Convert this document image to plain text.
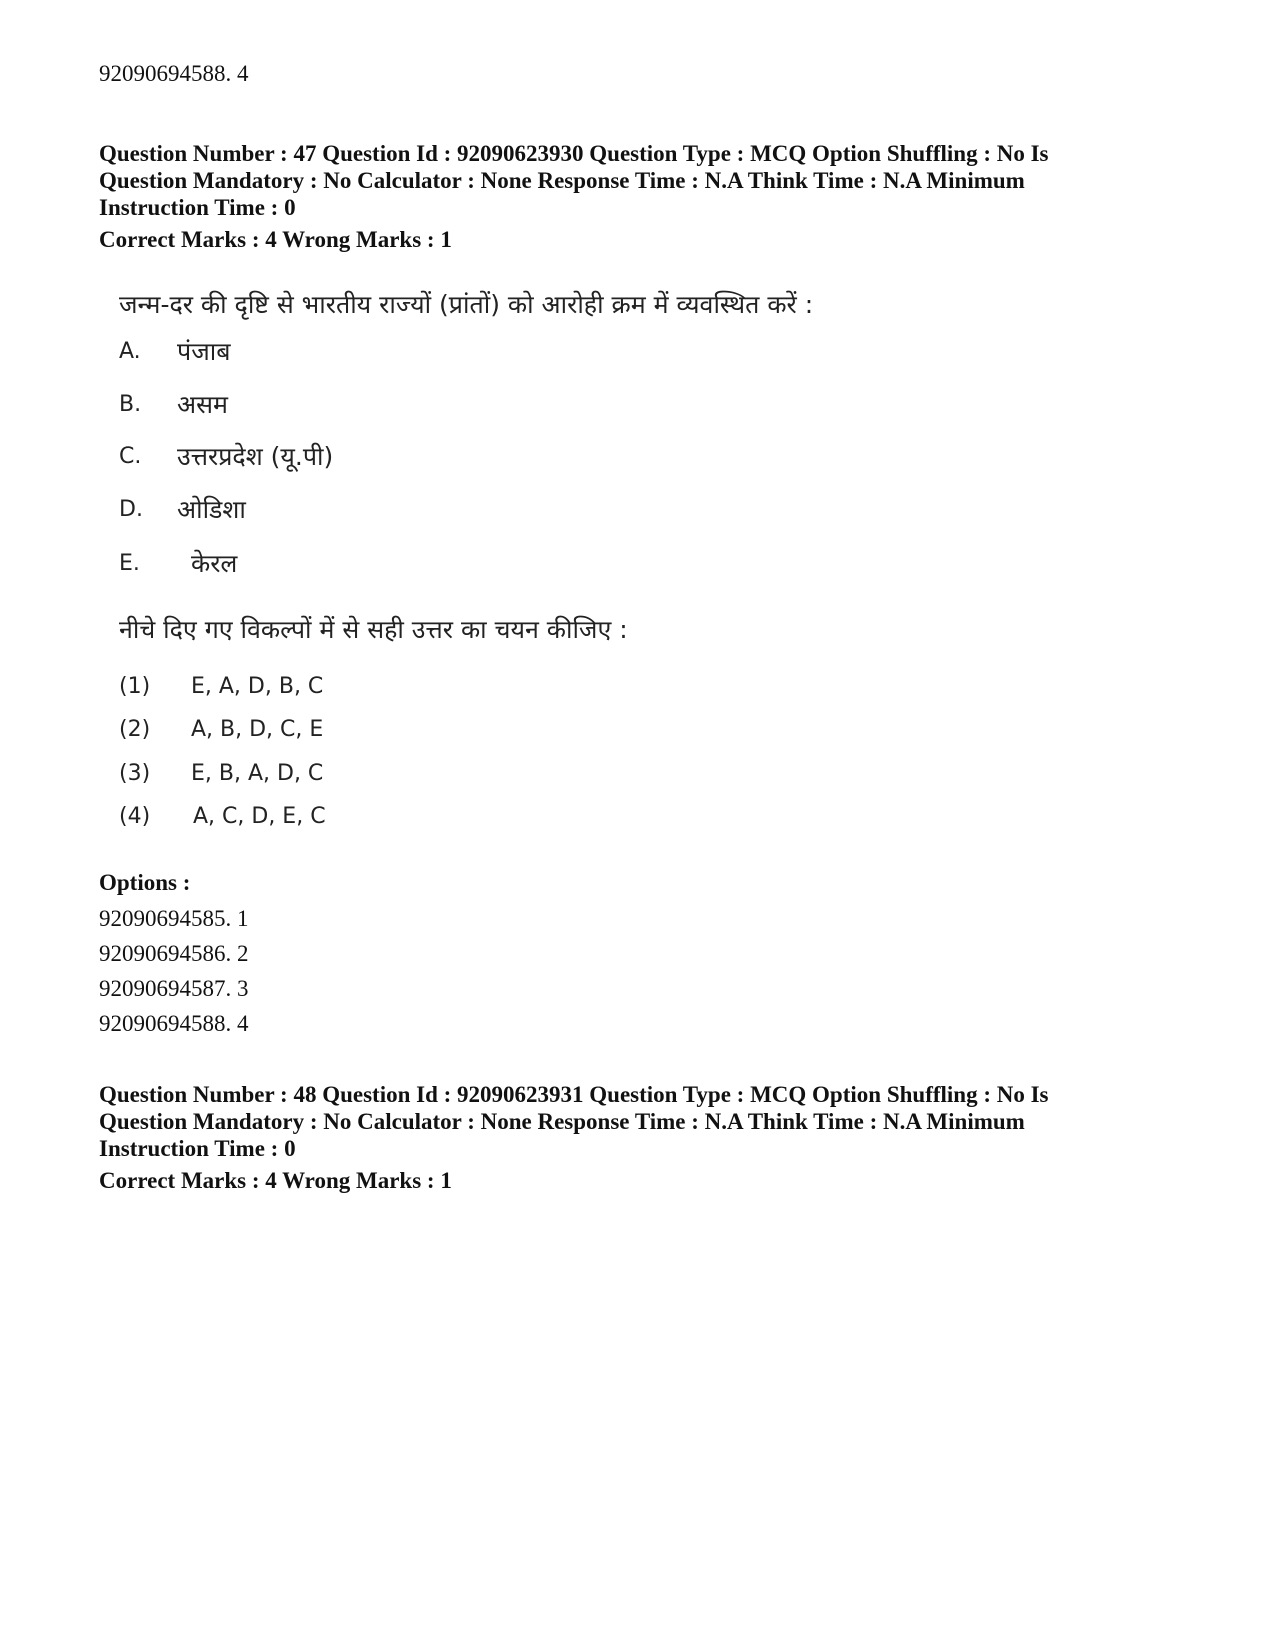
92090694588. 4
Question Number : 47 Question Id : 92090623930 Question Type : MCQ Option Shuffling : No Is
Question Mandatory : No Calculator : None Response Time : N.A Think Time : N.A Minimum
Instruction Time : 0
Correct Marks : 4 Wrong Marks : 1
जन्म-दर की दृष्टि से भारतीय राज्यों (प्रांतों) को आरोही क्रम में व्यवस्थित करें :
A.	पंजाब
B.	असम
C.	उत्तरप्रदेश (यू.पी)
D.	ओडिशा
E.	केरल
नीचे दिए गए विकल्पों में से सही उत्तर का चयन कीजिए :
(1)	E, A, D, B, C
(2)	A, B, D, C, E
(3)	E, B, A, D, C
(4)	A, C, D, E, C
Options :
92090694585. 1
92090694586. 2
92090694587. 3
92090694588. 4
Question Number : 48 Question Id : 92090623931 Question Type : MCQ Option Shuffling : No Is
Question Mandatory : No Calculator : None Response Time : N.A Think Time : N.A Minimum
Instruction Time : 0
Correct Marks : 4 Wrong Marks : 1
